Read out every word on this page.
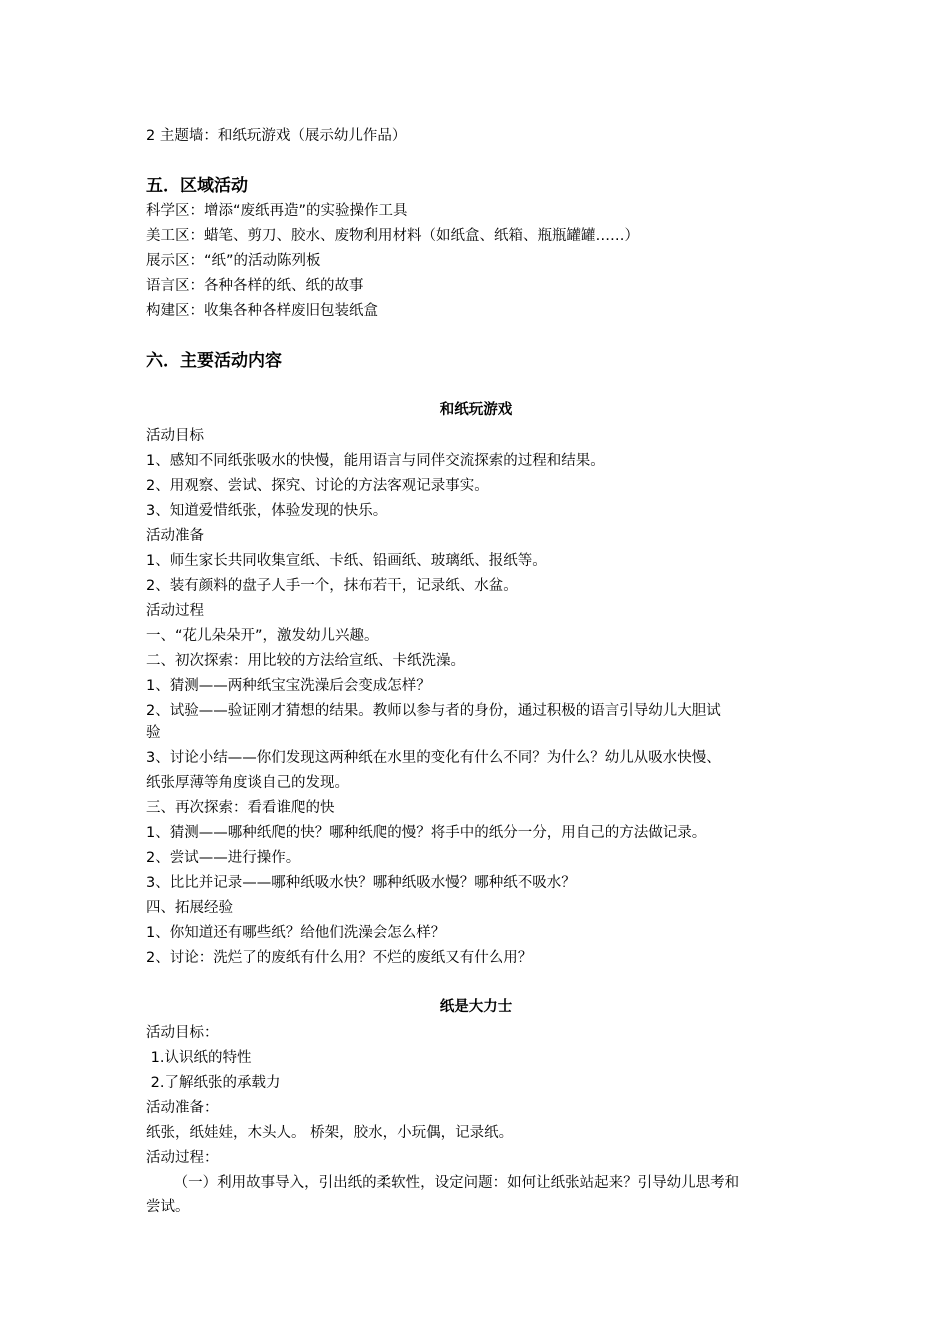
2 主题墙：和纸玩游戏（展示幼儿作品）
五．区域活动
科学区：增添“废纸再造”的实验操作工具
美工区：蜡笔、剪刀、胶水、废物利用材料（如纸盒、纸箱、瓶瓶罐罐……）
展示区：“纸”的活动陈列板
语言区：各种各样的纸、纸的故事
构建区：收集各种各样废旧包装纸盒
六．主要活动内容
和纸玩游戏
活动目标
1、感知不同纸张吸水的快慢，能用语言与同伴交流探索的过程和结果。
2、用观察、尝试、探究、讨论的方法客观记录事实。
3、知道爱惜纸张，体验发现的快乐。
活动准备
1、师生家长共同收集宣纸、卡纸、铅画纸、玻璃纸、报纸等。
2、装有颜料的盘子人手一个，抹布若干，记录纸、水盆。
活动过程
一、“花儿朵朵开”，激发幼儿兴趣。
二、初次探索：用比较的方法给宣纸、卡纸洗澡。
1、猜测——两种纸宝宝洗澡后会变成怎样？
2、试验——验证刚才猜想的结果。教师以参与者的身份，通过积极的语言引导幼儿大胆试
验
3、讨论小结——你们发现这两种纸在水里的变化有什么不同？为什么？幼儿从吸水快慢、
纸张厚薄等角度谈自己的发现。
三、再次探索：看看谁爬的快
1、猜测——哪种纸爬的快？哪种纸爬的慢？将手中的纸分一分，用自己的方法做记录。
2、尝试——进行操作。
3、比比并记录——哪种纸吸水快？哪种纸吸水慢？哪种纸不吸水？
四、拓展经验
1、你知道还有哪些纸？给他们洗澡会怎么样？
2、讨论：洗烂了的废纸有什么用？不烂的废纸又有什么用？
纸是大力士
活动目标：
1.认识纸的特性
2.了解纸张的承载力
活动准备：
纸张，纸娃娃，木头人。 桥架，胶水，小玩偶，记录纸。
活动过程：
（一）利用故事导入，引出纸的柔软性，设定问题：如何让纸张站起来？引导幼儿思考和
尝试。
